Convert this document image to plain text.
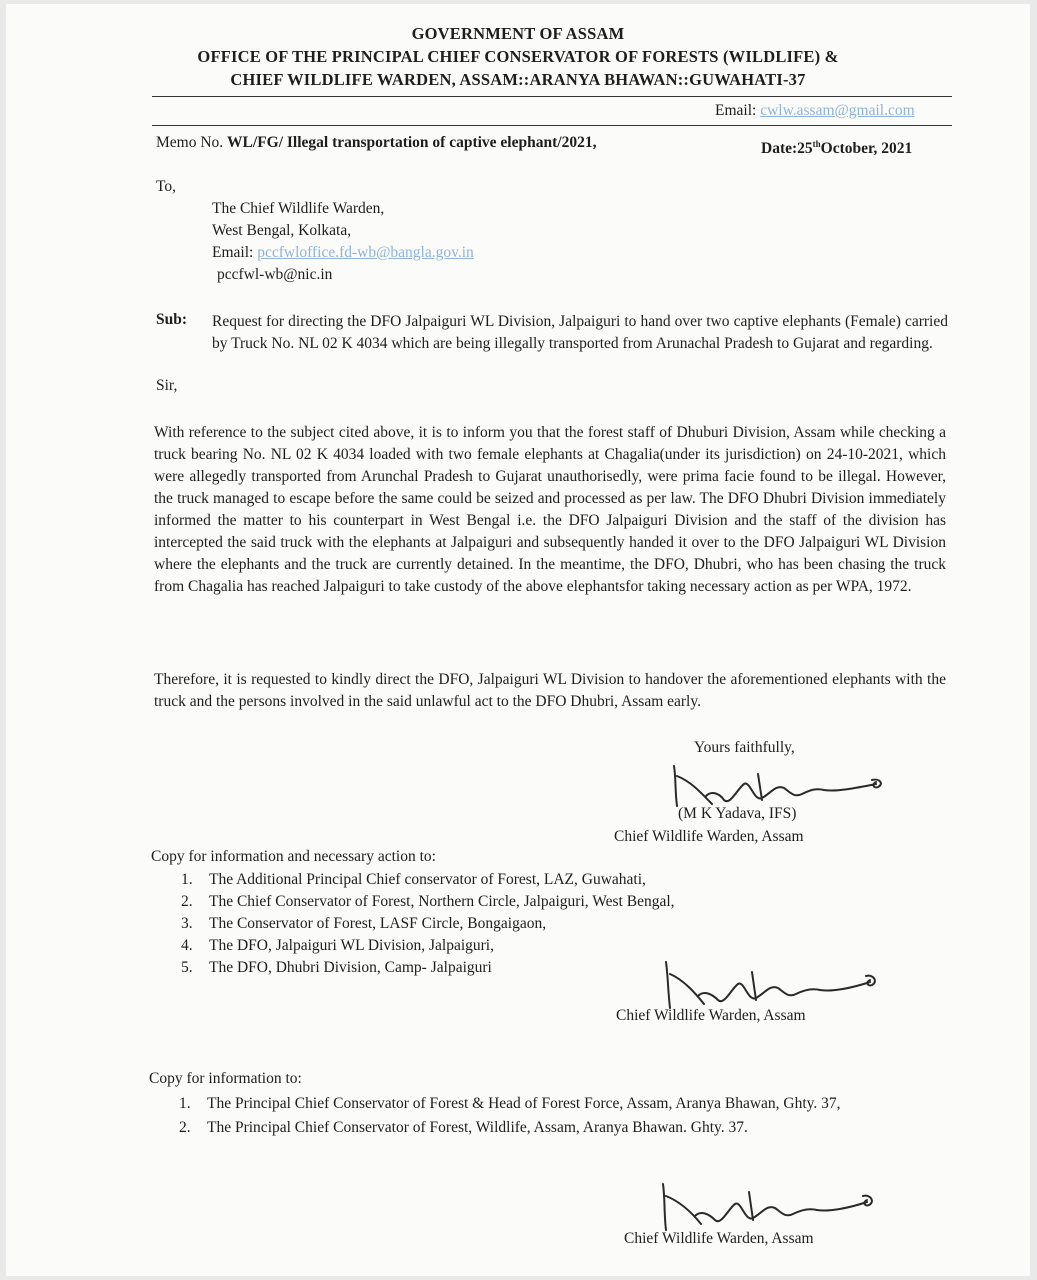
GOVERNMENT OF ASSAM
OFFICE OF THE PRINCIPAL CHIEF CONSERVATOR OF FORESTS (WILDLIFE) &
CHIEF WILDLIFE WARDEN, ASSAM::ARANYA BHAWAN::GUWAHATI-37
Email: cwlw.assam@gmail.com
Memo No. WL/FG/ Illegal transportation of captive elephant/2021,	Date:25thOctober, 2021
To,
The Chief Wildlife Warden,
West Bengal, Kolkata,
Email: pccfwloffice.fd-wb@bangla.gov.in
pccfwl-wb@nic.in
Sub: Request for directing the DFO Jalpaiguri WL Division, Jalpaiguri to hand over two captive elephants (Female) carried by Truck No. NL 02 K 4034 which are being illegally transported from Arunachal Pradesh to Gujarat and regarding.
Sir,
With reference to the subject cited above, it is to inform you that the forest staff of Dhuburi Division, Assam while checking a truck bearing No. NL 02 K 4034 loaded with two female elephants at Chagalia(under its jurisdiction) on 24-10-2021, which were allegedly transported from Arunchal Pradesh to Gujarat unauthorisedly, were prima facie found to be illegal. However, the truck managed to escape before the same could be seized and processed as per law. The DFO Dhubri Division immediately informed the matter to his counterpart in West Bengal i.e. the DFO Jalpaiguri Division and the staff of the division has intercepted the said truck with the elephants at Jalpaiguri and subsequently handed it over to the DFO Jalpaiguri WL Division where the elephants and the truck are currently detained. In the meantime, the DFO, Dhubri, who has been chasing the truck from Chagalia has reached Jalpaiguri to take custody of the above elephantsfor taking necessary action as per WPA, 1972.
Therefore, it is requested to kindly direct the DFO, Jalpaiguri WL Division to handover the aforementioned elephants with the truck and the persons involved in the said unlawful act to the DFO Dhubri, Assam early.
Yours faithfully,
(M K Yadava, IFS)
Chief Wildlife Warden, Assam
Copy for information and necessary action to:
1. The Additional Principal Chief conservator of Forest, LAZ, Guwahati,
2. The Chief Conservator of Forest, Northern Circle, Jalpaiguri, West Bengal,
3. The Conservator of Forest, LASF Circle, Bongaigaon,
4. The DFO, Jalpaiguri WL Division, Jalpaiguri,
5. The DFO, Dhubri Division, Camp- Jalpaiguri
Chief Wildlife Warden, Assam
Copy for information to:
1. The Principal Chief Conservator of Forest & Head of Forest Force, Assam, Aranya Bhawan, Ghty. 37,
2. The Principal Chief Conservator of Forest, Wildlife, Assam, Aranya Bhawan. Ghty. 37.
Chief Wildlife Warden, Assam
